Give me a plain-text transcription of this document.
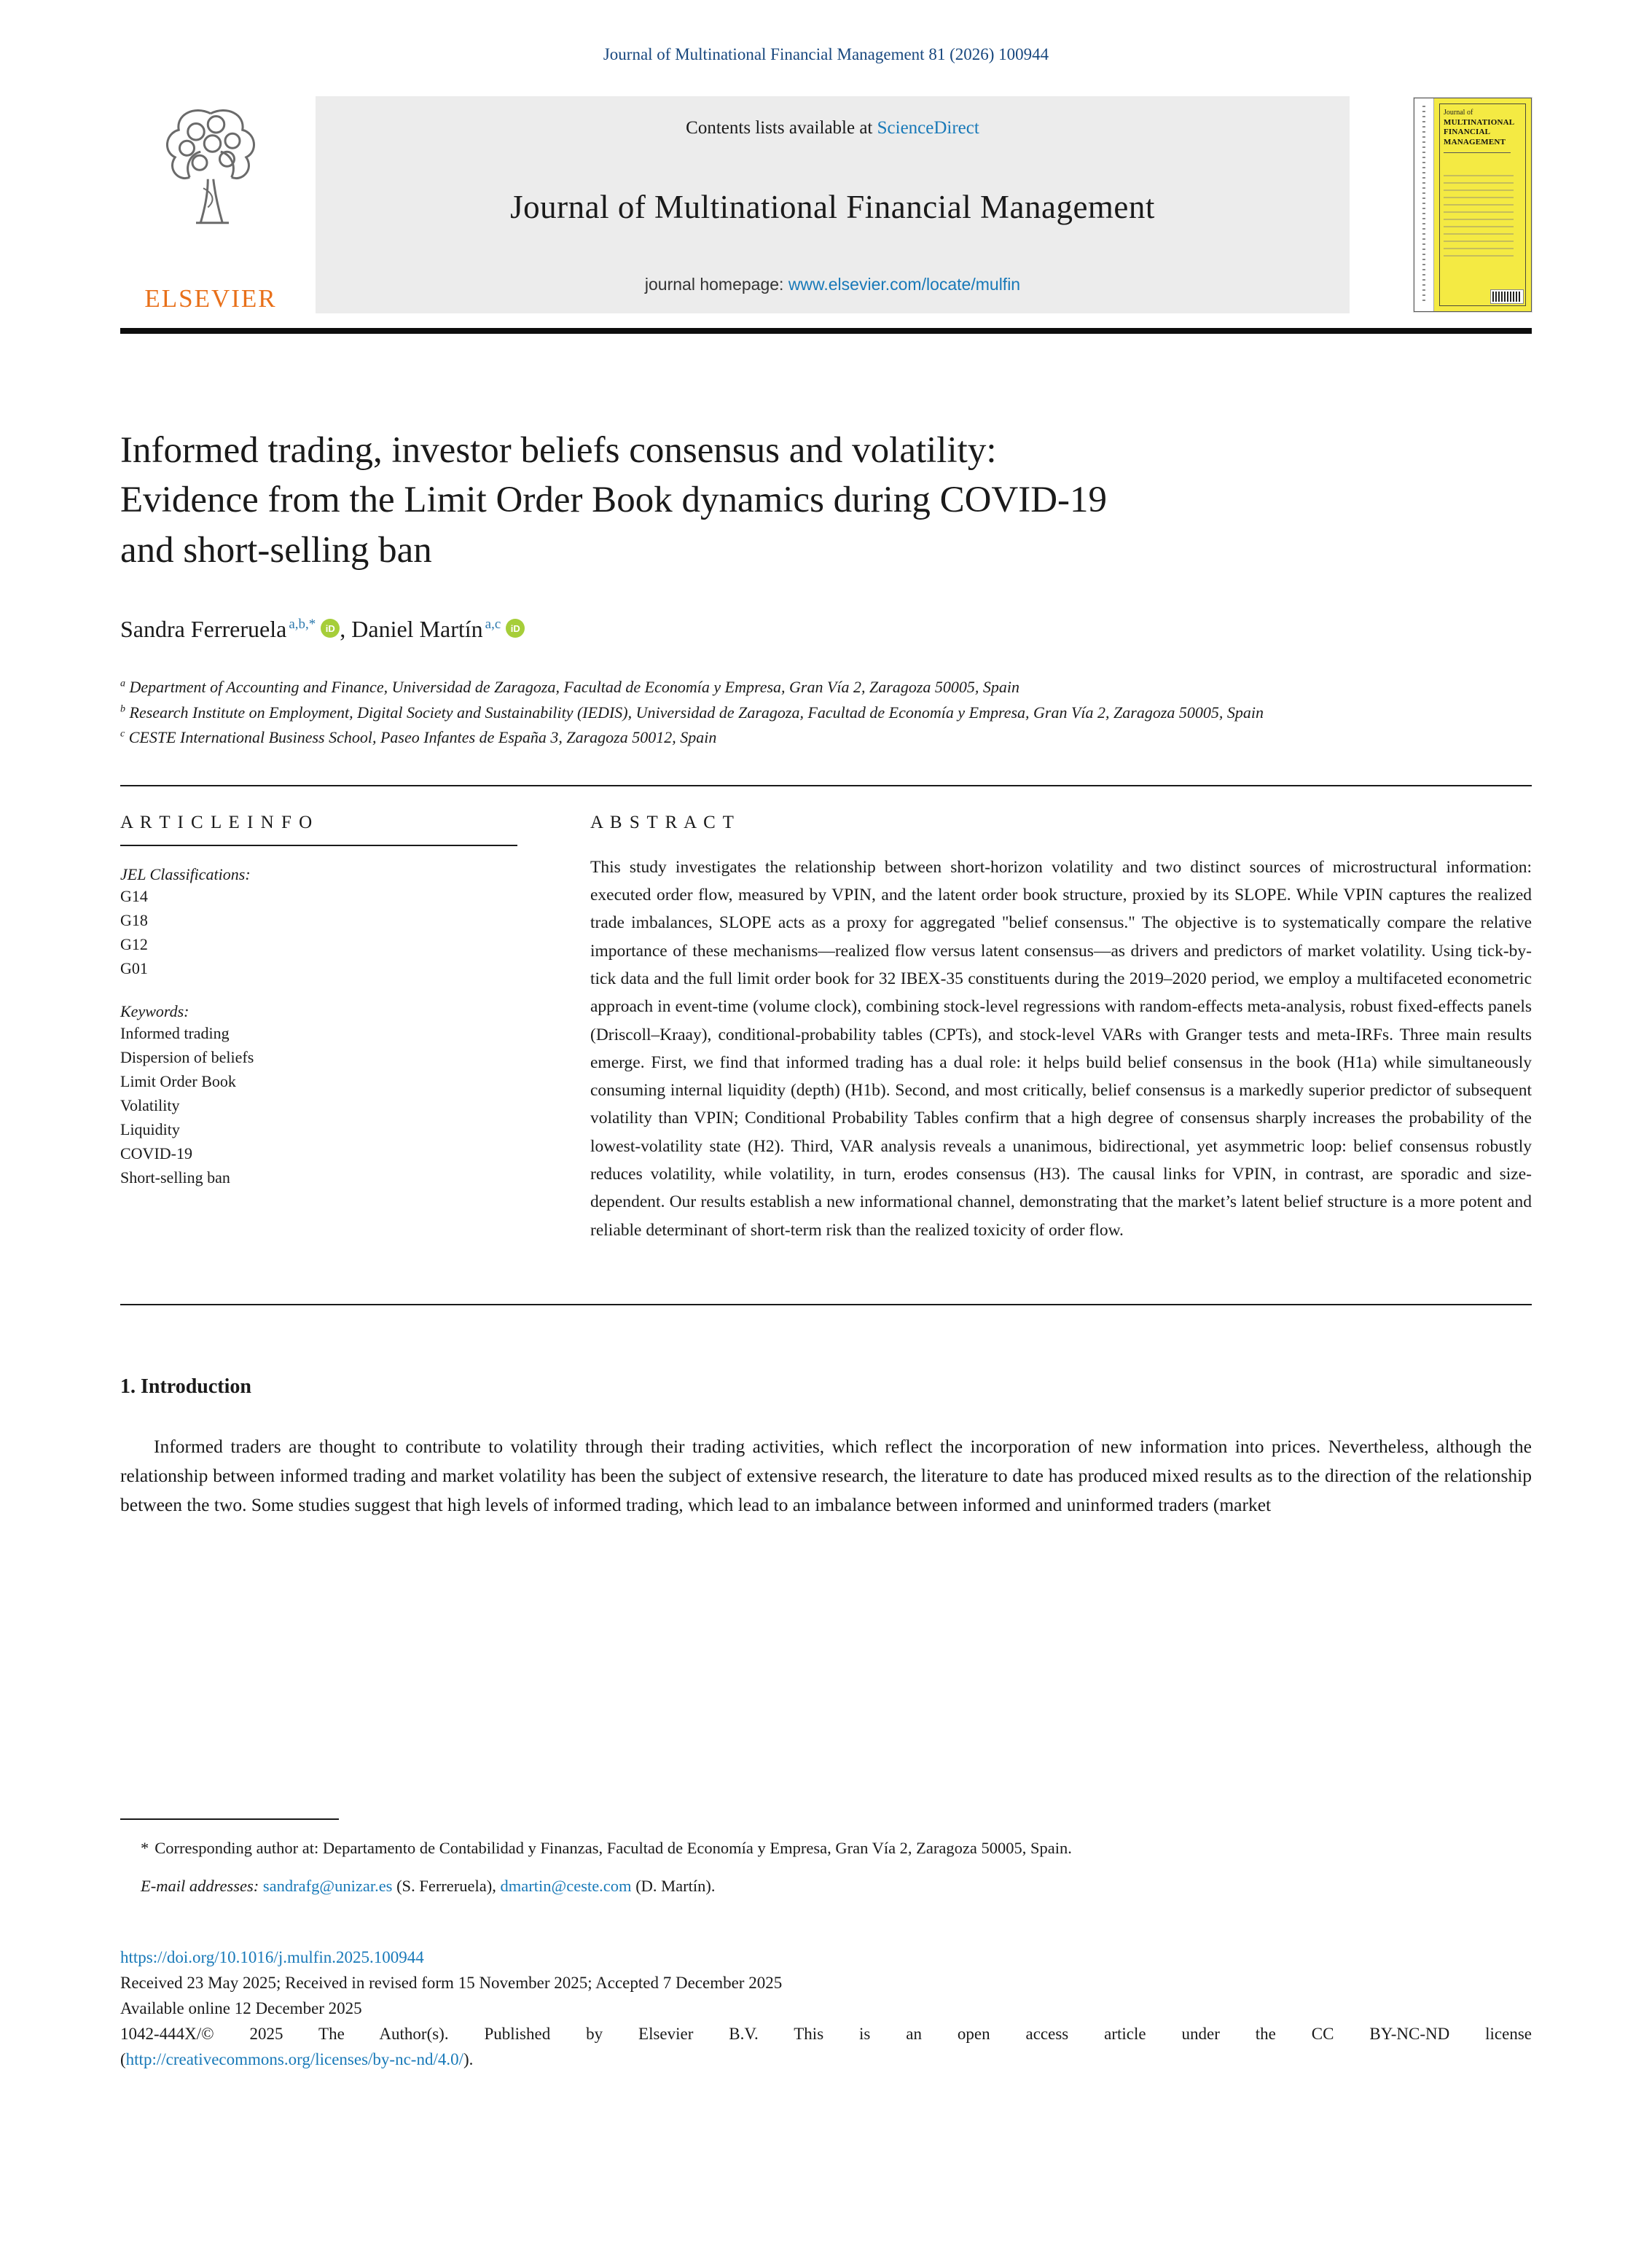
Journal of Multinational Financial Management 81 (2026) 100944
ELSEVIER
Contents lists available at ScienceDirect
Journal of Multinational Financial Management
journal homepage: www.elsevier.com/locate/mulfin
Journal of
MULTINATIONAL
FINANCIAL
MANAGEMENT
Informed trading, investor beliefs consensus and volatility:
Evidence from the Limit Order Book dynamics during COVID-19
and short-selling ban
Sandra Ferreruela $^{a,b,*}$ iD , Daniel Martín $^{a,c}$iD
$^a$ Department of Accounting and Finance, Universidad de Zaragoza, Facultad de Economía y Empresa, Gran Vía 2, Zaragoza 50005, Spain
$^b$ Research Institute on Employment, Digital Society and Sustainability (IEDIS), Universidad de Zaragoza, Facultad de Economía y Empresa, Gran Vía 2, Zaragoza 50005, Spain
$^c$ CESTE International Business School, Paseo Infantes de España 3, Zaragoza 50012, Spain
A R T I C L E I N F O
JEL Classifications:
G14
G18
G12
G01
Keywords:
Informed trading
Dispersion of beliefs
Limit Order Book
Volatility
Liquidity
COVID-19
Short-selling ban
A B S T R A C T

This study investigates the relationship between short-horizon volatility and two distinct sources of microstructural information: executed order flow, measured by VPIN, and the latent order book structure, proxied by its SLOPE. While VPIN captures the realized trade imbalances, SLOPE acts as a proxy for aggregated "belief consensus." The objective is to systematically compare the relative importance of these mechanisms—realized flow versus latent consensus—as drivers and predictors of market volatility. Using tick-by-tick data and the full limit order book for 32 IBEX-35 constituents during the 2019–2020 period, we employ a multifaceted econometric approach in event-time (volume clock), combining stock-level regressions with random-effects meta-analysis, robust fixed-effects panels (Driscoll–Kraay), conditional-probability tables (CPTs), and stock-level VARs with Granger tests and meta-IRFs. Three main results emerge. First, we find that informed trading has a dual role: it helps build belief consensus in the book (H1a) while simultaneously consuming internal liquidity (depth) (H1b). Second, and most critically, belief consensus is a markedly superior predictor of subsequent volatility than VPIN; Conditional Probability Tables confirm that a high degree of consensus sharply increases the probability of the lowest-volatility state (H2). Third, VAR analysis reveals a unanimous, bidirectional, yet asymmetric loop: belief consensus robustly reduces volatility, while volatility, in turn, erodes consensus (H3). The causal links for VPIN, in contrast, are sporadic and size-dependent. Our results establish a new informational channel, demonstrating that the market’s latent belief structure is a more potent and reliable determinant of short-term risk than the realized toxicity of order flow.

1. Introduction

Informed traders are thought to contribute to volatility through their trading activities, which reflect the incorporation of new information into prices. Nevertheless, although the relationship between informed trading and market volatility has been the subject of extensive research, the literature to date has produced mixed results as to the direction of the relationship between the two. Some studies suggest that high levels of informed trading, which lead to an imbalance between informed and uninformed traders (market

* Corresponding author at: Departamento de Contabilidad y Finanzas, Facultad de Economía y Empresa, Gran Vía 2, Zaragoza 50005, Spain.

E-mail addresses: sandrafg@unizar.es (S. Ferreruela), dmartin@ceste.com (D. Martín).

https://doi.org/10.1016/j.mulfin.2025.100944
Received 23 May 2025; Received in revised form 15 November 2025; Accepted 7 December 2025
Available online 12 December 2025
1042-444X/© 2025 The Author(s). Published by Elsevier B.V. This is an open access article under the CC BY-NC-ND license
(http://creativecommons.org/licenses/by-nc-nd/4.0/).
